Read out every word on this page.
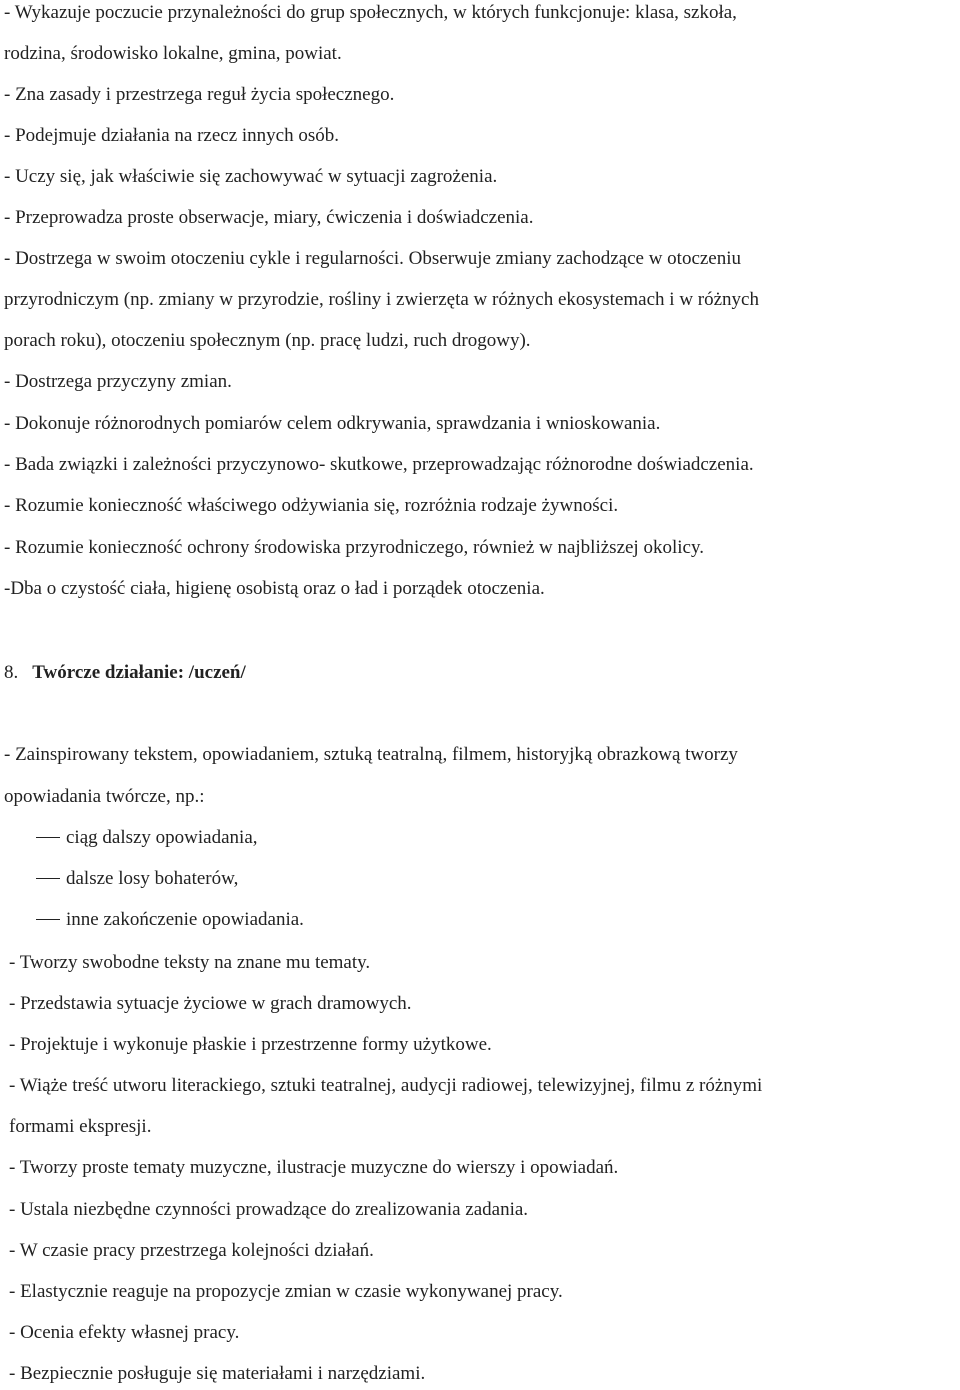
- Wykazuje poczucie przynależności do grup społecznych, w których funkcjonuje: klasa, szkoła,
rodzina, środowisko lokalne, gmina, powiat.
- Zna zasady i przestrzega reguł życia społecznego.
- Podejmuje działania na rzecz innych osób.
- Uczy się, jak właściwie się zachowywać w sytuacji zagrożenia.
- Przeprowadza proste obserwacje, miary, ćwiczenia i doświadczenia.
- Dostrzega w swoim otoczeniu cykle i regularności. Obserwuje zmiany zachodzące w otoczeniu
przyrodniczym (np. zmiany w przyrodzie, rośliny i zwierzęta w różnych ekosystemach i w różnych
porach roku), otoczeniu społecznym (np. pracę ludzi, ruch drogowy).
- Dostrzega przyczyny zmian.
- Dokonuje różnorodnych pomiarów celem odkrywania, sprawdzania i wnioskowania.
- Bada związki i zależności przyczynowo- skutkowe, przeprowadzając różnorodne doświadczenia.
- Rozumie konieczność właściwego odżywiania się, rozróżnia rodzaje żywności.
- Rozumie konieczność ochrony środowiska przyrodniczego, również w najbliższej okolicy.
-Dba o czystość ciała, higienę osobistą oraz o ład i porządek otoczenia.
8. Twórcze działanie: /uczeń/
- Zainspirowany tekstem, opowiadaniem, sztuką teatralną, filmem, historyjką obrazkową tworzy
opowiadania twórcze, np.:
ciąg dalszy opowiadania,
dalsze losy bohaterów,
inne zakończenie opowiadania.
- Tworzy swobodne teksty na znane mu tematy.
- Przedstawia sytuacje życiowe w grach dramowych.
- Projektuje i wykonuje płaskie i przestrzenne formy użytkowe.
- Wiąże treść utworu literackiego, sztuki teatralnej, audycji radiowej, telewizyjnej, filmu z różnymi
formami ekspresji.
- Tworzy proste tematy muzyczne, ilustracje muzyczne do wierszy i opowiadań.
- Ustala niezbędne czynności prowadzące do zrealizowania zadania.
- W czasie pracy przestrzega kolejności działań.
- Elastycznie reaguje na propozycje zmian w czasie wykonywanej pracy.
- Ocenia efekty własnej pracy.
- Bezpiecznie posługuje się materiałami i narzędziami.
